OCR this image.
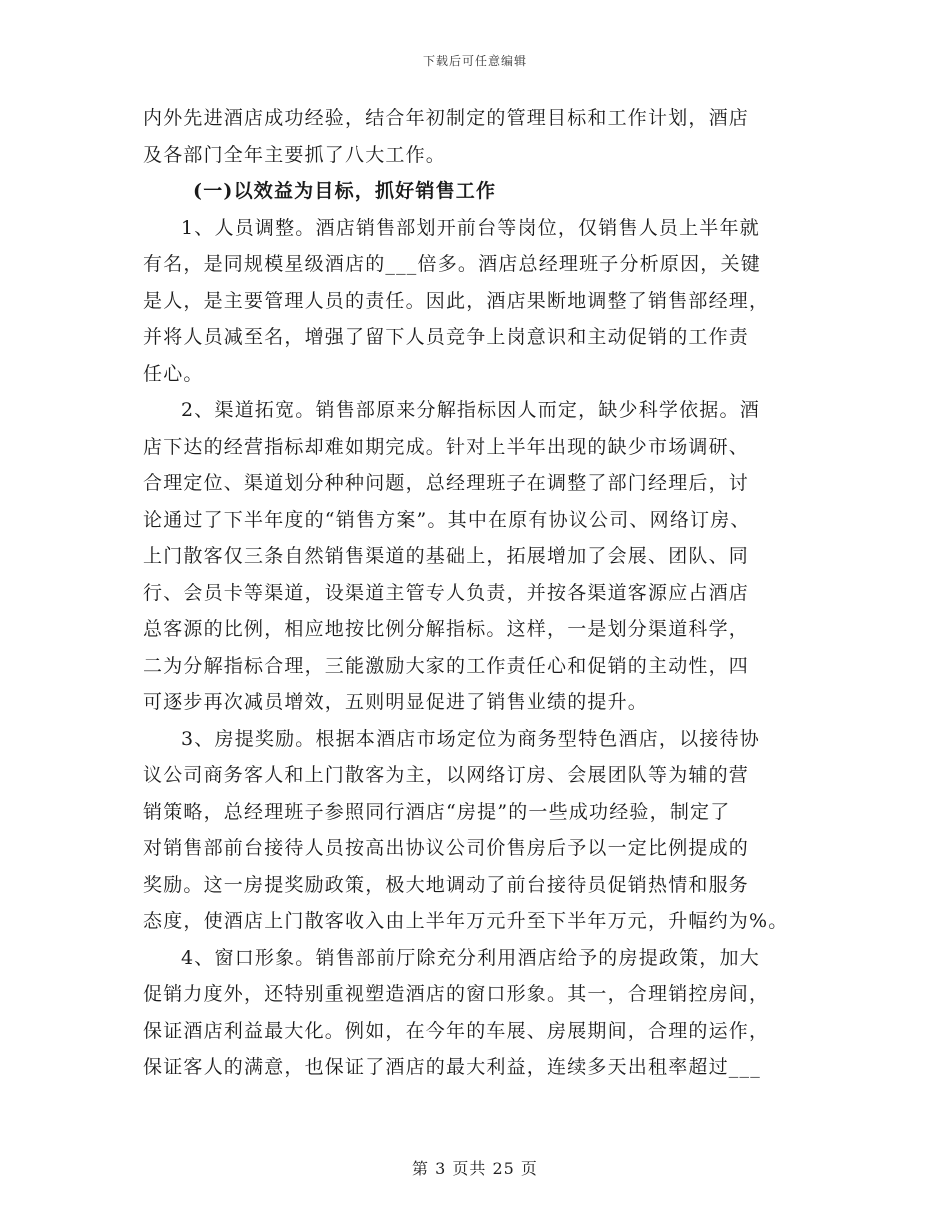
下载后可任意编辑
内外先进酒店成功经验，结合年初制定的管理目标和工作计划，酒店
及各部门全年主要抓了八大工作。
(一)以效益为目标，抓好销售工作
1、人员调整。酒店销售部划开前台等岗位，仅销售人员上半年就
有名，是同规模星级酒店的___倍多。酒店总经理班子分析原因，关键
是人，是主要管理人员的责任。因此，酒店果断地调整了销售部经理，
并将人员减至名，增强了留下人员竞争上岗意识和主动促销的工作责
任心。
2、渠道拓宽。销售部原来分解指标因人而定，缺少科学依据。酒
店下达的经营指标却难如期完成。针对上半年出现的缺少市场调研、
合理定位、渠道划分种种问题，总经理班子在调整了部门经理后，讨
论通过了下半年度的“销售方案”。其中在原有协议公司、网络订房、
上门散客仅三条自然销售渠道的基础上，拓展增加了会展、团队、同
行、会员卡等渠道，设渠道主管专人负责，并按各渠道客源应占酒店
总客源的比例，相应地按比例分解指标。这样，一是划分渠道科学，
二为分解指标合理，三能激励大家的工作责任心和促销的主动性，四
可逐步再次减员增效，五则明显促进了销售业绩的提升。
3、房提奖励。根据本酒店市场定位为商务型特色酒店，以接待协
议公司商务客人和上门散客为主，以网络订房、会展团队等为辅的营
销策略，总经理班子参照同行酒店“房提”的一些成功经验，制定了
对销售部前台接待人员按高出协议公司价售房后予以一定比例提成的
奖励。这一房提奖励政策，极大地调动了前台接待员促销热情和服务
态度，使酒店上门散客收入由上半年万元升至下半年万元，升幅约为%。
4、窗口形象。销售部前厅除充分利用酒店给予的房提政策，加大
促销力度外，还特别重视塑造酒店的窗口形象。其一，合理销控房间，
保证酒店利益最大化。例如，在今年的车展、房展期间，合理的运作，
保证客人的满意，也保证了酒店的最大利益，连续多天出租率超过___
第 3 页共 25 页
